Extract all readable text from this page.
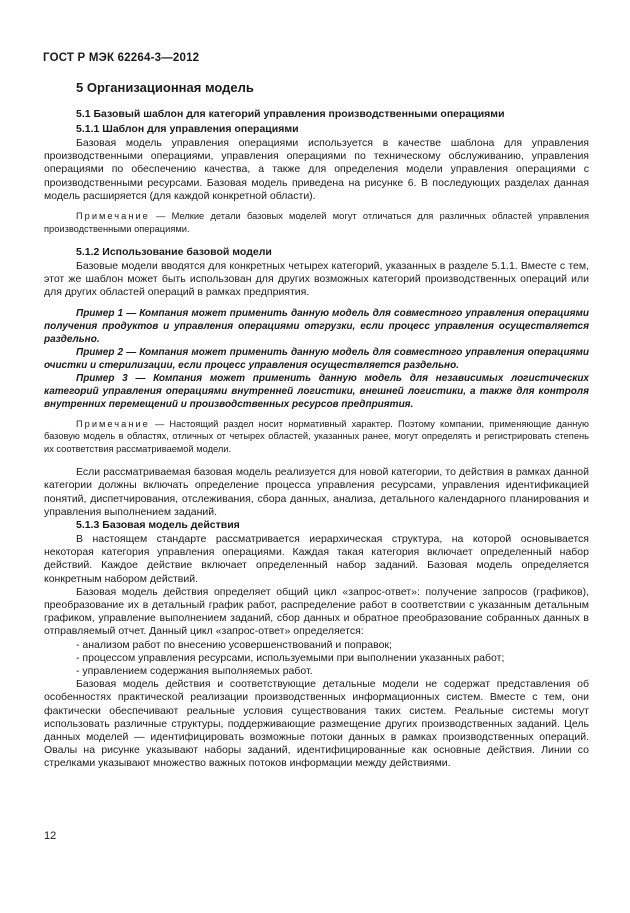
ГОСТ Р МЭК 62264-3—2012
5 Организационная модель
5.1 Базовый шаблон для категорий управления производственными операциями
5.1.1 Шаблон для управления операциями

Базовая модель управления операциями используется в качестве шаблона для управления производственными операциями, управления операциями по техническому обслуживанию, управления операциями по обеспечению качества, а также для определения модели управления операциями с производственными ресурсами. Базовая модель приведена на рисунке 6. В последующих разделах данная модель расширяется (для каждой конкретной области).

Примечание — Мелкие детали базовых моделей могут отличаться для различных областей управления производственными операциями.

5.1.2 Использование базовой модели

Базовые модели вводятся для конкретных четырех категорий, указанных в разделе 5.1.1. Вместе с тем, этот же шаблон может быть использован для других возможных категорий производственных операций или для других областей операций в рамках предприятия.

Пример 1 — Компания может применить данную модель для совместного управления операциями получения продуктов и управления операциями отгрузки, если процесс управления осуществляется раздельно.

Пример 2 — Компания может применить данную модель для совместного управления операциями очистки и стерилизации, если процесс управления осуществляется раздельно.

Пример 3 — Компания может применить данную модель для независимых логистических категорий управления операциями внутренней логистики, внешней логистики, а также для контроля внутренних перемещений и производственных ресурсов предприятия.

Примечание — Настоящий раздел носит нормативный характер. Поэтому компании, применяющие данную базовую модель в областях, отличных от четырех областей, указанных ранее, могут определять и регистрировать степень их соответствия рассматриваемой модели.

Если рассматриваемая базовая модель реализуется для новой категории, то действия в рамках данной категории должны включать определение процесса управления ресурсами, управления идентификацией понятий, диспетчирования, отслеживания, сбора данных, анализа, детального календарного планирования и управления выполнением заданий.

5.1.3 Базовая модель действия

В настоящем стандарте рассматривается иерархическая структура, на которой основывается некоторая категория управления операциями. Каждая такая категория включает определенный набор действий. Каждое действие включает определенный набор заданий. Базовая модель определяется конкретным набором действий.

Базовая модель действия определяет общий цикл «запрос-ответ»: получение запросов (графиков), преобразование их в детальный график работ, распределение работ в соответствии с указанным детальным графиком, управление выполнением заданий, сбор данных и обратное преобразование собранных данных в отправляемый отчет. Данный цикл «запрос-ответ» определяется:

- анализом работ по внесению усовершенствований и поправок;
- процессом управления ресурсами, используемыми при выполнении указанных работ;
- управлением содержания выполняемых работ.

Базовая модель действия и соответствующие детальные модели не содержат представления об особенностях практической реализации производственных информационных систем. Вместе с тем, они фактически обеспечивают реальные условия существования таких систем. Реальные системы могут использовать различные структуры, поддерживающие размещение других производственных заданий. Цель данных моделей — идентифицировать возможные потоки данных в рамках производственных операций. Овалы на рисунке указывают наборы заданий, идентифицированные как основные действия. Линии со стрелками указывают множество важных потоков информации между действиями.

12
